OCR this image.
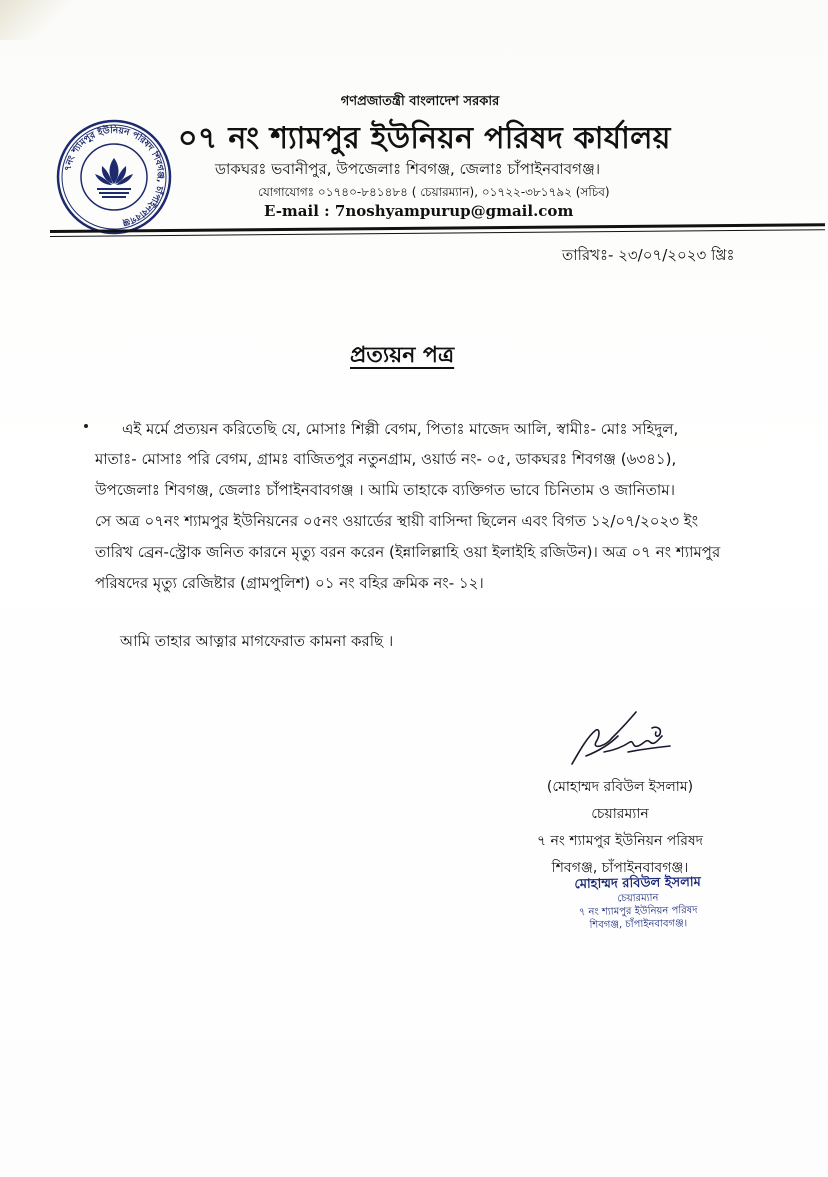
৭নং শ্যামপুর ইউনিয়ন পরিষদ শিবগঞ্জ, চাঁপাইনবাবগঞ্জ
গণপ্রজাতন্ত্রী বাংলাদেশ সরকার
০৭ নং শ্যামপুর ইউনিয়ন পরিষদ কার্যালয়
ডাকঘরঃ ভবানীপুর, উপজেলাঃ শিবগঞ্জ, জেলাঃ চাঁপাইনবাবগঞ্জ।
যোগাযোগঃ ০১৭৪০-৮৪১৪৮৪ ( চেয়ারম্যান), ০১৭২২-৩৮১৭৯২ (সচিব)
E-mail : 7noshyampurup@gmail.com
তারিখঃ- ২৩/০৭/২০২৩ খ্রিঃ
প্রত্যয়ন পত্র
এই মর্মে প্রত্যয়ন করিতেছি যে, মোসাঃ শিল্পী বেগম, পিতাঃ মাজেদ আলি, স্বামীঃ- মোঃ সহিদুল,
মাতাঃ- মোসাঃ পরি বেগম, গ্রামঃ বাজিতপুর নতুনগ্রাম, ওয়ার্ড নং- ০৫, ডাকঘরঃ শিবগঞ্জ (৬৩৪১),
উপজেলাঃ শিবগঞ্জ, জেলাঃ চাঁপাইনবাবগঞ্জ । আমি তাহাকে ব্যক্তিগত ভাবে চিনিতাম ও জানিতাম।
সে অত্র ০৭নং শ্যামপুর ইউনিয়নের ০৫নং ওয়ার্ডের স্থায়ী বাসিন্দা ছিলেন এবং বিগত ১২/০৭/২০২৩ ইং
তারিখ ব্রেন-স্ট্রোক জনিত কারনে মৃত্যু বরন করেন (ইন্নালিল্লাহি ওয়া ইলাইহি রজিউন)। অত্র ০৭ নং শ্যামপুর
পরিষদের মৃত্যু রেজিষ্টার (গ্রামপুলিশ) ০১ নং বহির ক্রমিক নং- ১২।
আমি তাহার আত্নার মাগফেরাত কামনা করছি ।
(মোহাম্মদ রবিউল ইসলাম)
চেয়ারম্যান
৭ নং শ্যামপুর ইউনিয়ন পরিষদ
শিবগঞ্জ, চাঁপাইনবাবগঞ্জ।
মোহাম্মদ রবিউল ইসলাম
চেয়ারম্যান
৭ নং শ্যামপুর ইউনিয়ন পরিষদ
শিবগঞ্জ, চাঁপাইনবাবগঞ্জ।
